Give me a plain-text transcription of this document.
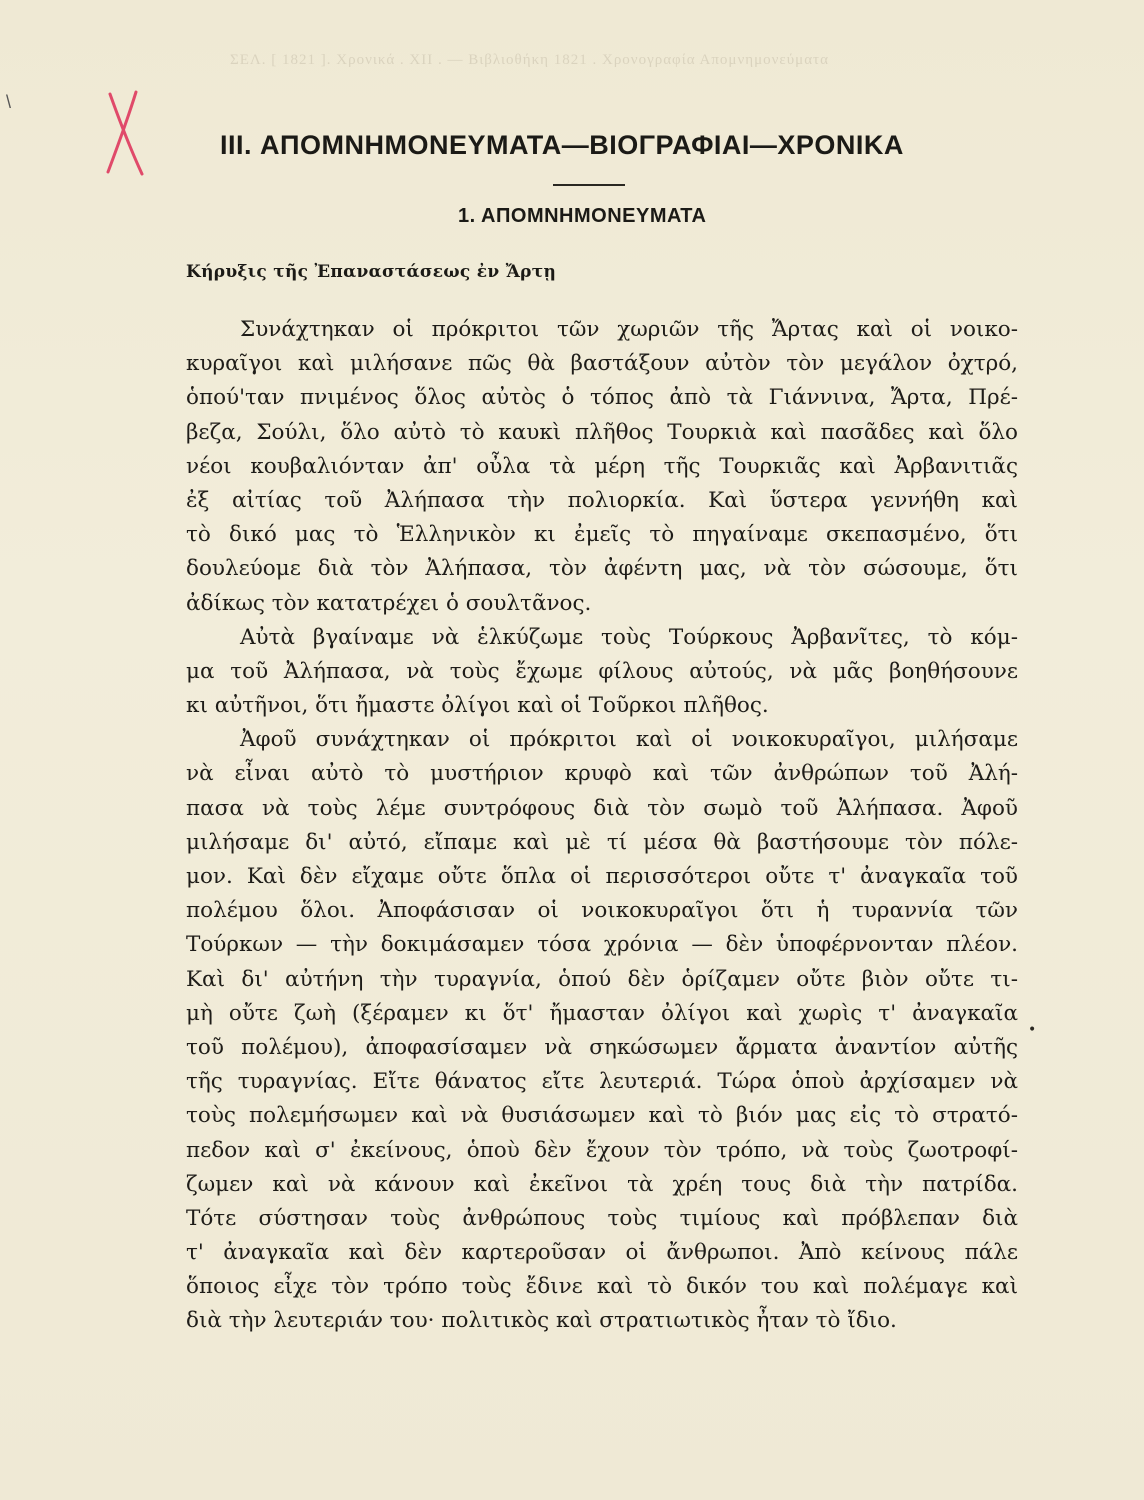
ΣΕΛ. [ 1821 ]. Χρονικά . XII . — Βιβλιοθήκη 1821 . Χρονογραφία Απομνημονεύματα
\
III. ΑΠΟΜΝΗΜΟΝΕΥΜΑΤΑ—ΒΙΟΓΡΑΦΙΑΙ—ΧΡΟΝΙΚΑ
1. ΑΠΟΜΝΗΜΟΝΕΥΜΑΤΑ
Κήρυξις τῆς Ἐπαναστάσεως ἐν Ἄρτῃ
Συνάχτηκαν οἱ πρόκριτοι τῶν χωριῶν τῆς Ἄρτας καὶ οἱ νοικο-
κυραῖγοι καὶ μιλήσανε πῶς θὰ βαστάξουν αὐτὸν τὸν μεγάλον ὀχτρό,
ὁπού'ταν πνιμένος ὅλος αὐτὸς ὁ τόπος ἀπὸ τὰ Γιάννινα, Ἄρτα, Πρέ-
βεζα, Σούλι, ὅλο αὐτὸ τὸ καυκὶ πλῆθος Τουρκιὰ καὶ πασᾶδες καὶ ὅλο
νέοι κουβαλιόνταν ἀπ' οὖλα τὰ μέρη τῆς Τουρκιᾶς καὶ Ἀρβανιτιᾶς
ἐξ αἰτίας τοῦ Ἀλήπασα τὴν πολιορκία. Καὶ ὕστερα γεννήθη καὶ
τὸ δικό μας τὸ Ἑλληνικὸν κι ἐμεῖς τὸ πηγαίναμε σκεπασμένο, ὅτι
δουλεύομε διὰ τὸν Ἀλήπασα, τὸν ἀφέντη μας, νὰ τὸν σώσουμε, ὅτι
ἀδίκως τὸν κατατρέχει ὁ σουλτᾶνος.
Αὐτὰ βγαίναμε νὰ ἑλκύζωμε τοὺς Τούρκους Ἀρβανῖτες, τὸ κόμ-
μα τοῦ Ἀλήπασα, νὰ τοὺς ἔχωμε φίλους αὐτούς, νὰ μᾶς βοηθήσουνε
κι αὐτῆνοι, ὅτι ἤμαστε ὀλίγοι καὶ οἱ Τοῦρκοι πλῆθος.
Ἀφοῦ συνάχτηκαν οἱ πρόκριτοι καὶ οἱ νοικοκυραῖγοι, μιλήσαμε
νὰ εἶναι αὐτὸ τὸ μυστήριον κρυφὸ καὶ τῶν ἀνθρώπων τοῦ Ἀλή-
πασα νὰ τοὺς λέμε συντρόφους διὰ τὸν σωμὸ τοῦ Ἀλήπασα. Ἀφοῦ
μιλήσαμε δι' αὐτό, εἴπαμε καὶ μὲ τί μέσα θὰ βαστήσουμε τὸν πόλε-
μον. Καὶ δὲν εἴχαμε οὔτε ὅπλα οἱ περισσότεροι οὔτε τ' ἀναγκαῖα τοῦ
πολέμου ὅλοι. Ἀποφάσισαν οἱ νοικοκυραῖγοι ὅτι ἡ τυραννία τῶν
Τούρκων — τὴν δοκιμάσαμεν τόσα χρόνια — δὲν ὑποφέρνονταν πλέον.
Καὶ δι' αὐτήνη τὴν τυραγνία, ὁπού δὲν ὁρίζαμεν οὔτε βιὸν οὔτε τι-
μὴ οὔτε ζωὴ (ξέραμεν κι ὅτ' ἤμασταν ὀλίγοι καὶ χωρὶς τ' ἀναγκαῖα
τοῦ πολέμου), ἀποφασίσαμεν νὰ σηκώσωμεν ἄρματα ἀναντίον αὐτῆς
τῆς τυραγνίας. Εἴτε θάνατος εἴτε λευτεριά. Τώρα ὁποὺ ἀρχίσαμεν νὰ
τοὺς πολεμήσωμεν καὶ νὰ θυσιάσωμεν καὶ τὸ βιόν μας εἰς τὸ στρατό-
πεδον καὶ σ' ἐκείνους, ὁποὺ δὲν ἔχουν τὸν τρόπο, νὰ τοὺς ζωοτροφί-
ζωμεν καὶ νὰ κάνουν καὶ ἐκεῖνοι τὰ χρέη τους διὰ τὴν πατρίδα.
Τότε σύστησαν τοὺς ἀνθρώπους τοὺς τιμίους καὶ πρόβλεπαν διὰ
τ' ἀναγκαῖα καὶ δὲν καρτεροῦσαν οἱ ἄνθρωποι. Ἀπὸ κείνους πάλε
ὅποιος εἶχε τὸν τρόπο τοὺς ἔδινε καὶ τὸ δικόν του καὶ πολέμαγε καὶ
διὰ τὴν λευτεριάν του· πολιτικὸς καὶ στρατιωτικὸς ἦταν τὸ ἴδιο.
•
